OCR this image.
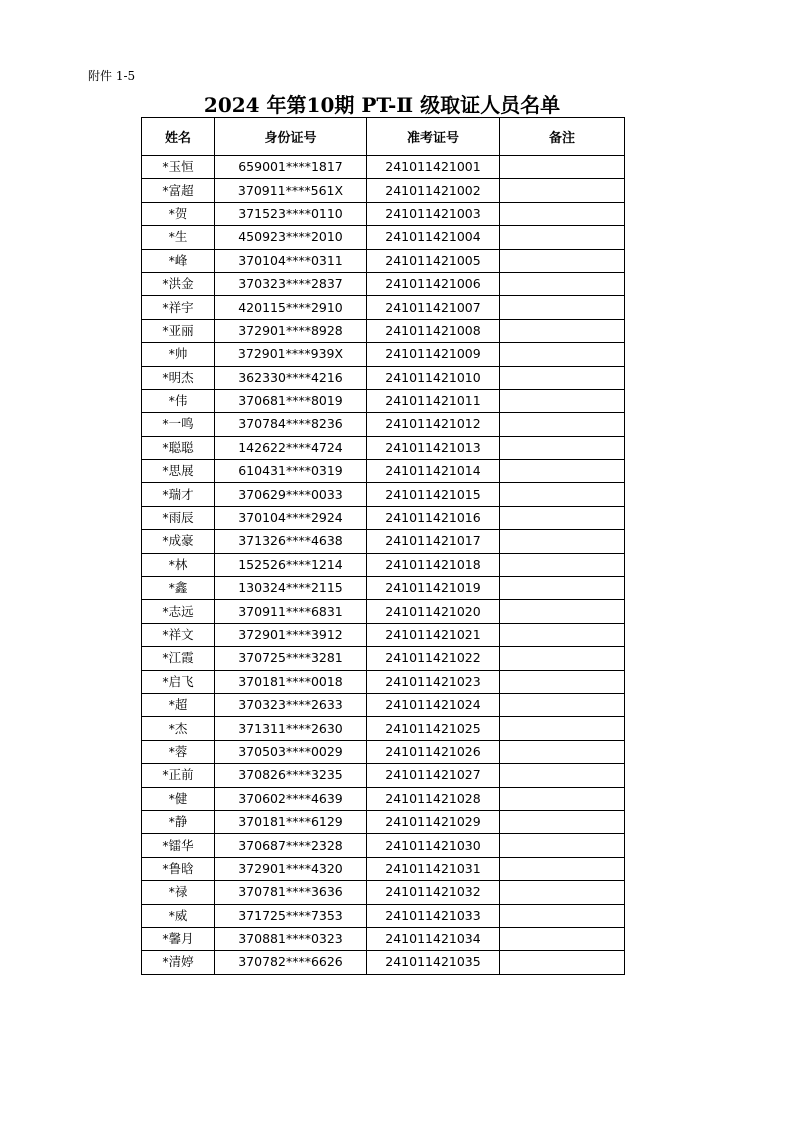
附件 1-5
2024 年第10期 PT-Ⅱ 级取证人员名单
姓名	身份证号	准考证号	备注
*玉恒	659001****1817	241011421001	
*富超	370911****561X	241011421002	
*贺	371523****0110	241011421003	
*生	450923****2010	241011421004	
*峰	370104****0311	241011421005	
*洪金	370323****2837	241011421006	
*祥宇	420115****2910	241011421007	
*亚丽	372901****8928	241011421008	
*帅	372901****939X	241011421009	
*明杰	362330****4216	241011421010	
*伟	370681****8019	241011421011	
*一鸣	370784****8236	241011421012	
*聪聪	142622****4724	241011421013	
*思展	610431****0319	241011421014	
*瑞才	370629****0033	241011421015	
*雨辰	370104****2924	241011421016	
*成豪	371326****4638	241011421017	
*林	152526****1214	241011421018	
*鑫	130324****2115	241011421019	
*志远	370911****6831	241011421020	
*祥文	372901****3912	241011421021	
*江霞	370725****3281	241011421022	
*启飞	370181****0018	241011421023	
*超	370323****2633	241011421024	
*杰	371311****2630	241011421025	
*蓉	370503****0029	241011421026	
*正前	370826****3235	241011421027	
*健	370602****4639	241011421028	
*静	370181****6129	241011421029	
*镭华	370687****2328	241011421030	
*鲁晗	372901****4320	241011421031	
*禄	370781****3636	241011421032	
*威	371725****7353	241011421033	
*馨月	370881****0323	241011421034	
*清婷	370782****6626	241011421035	
